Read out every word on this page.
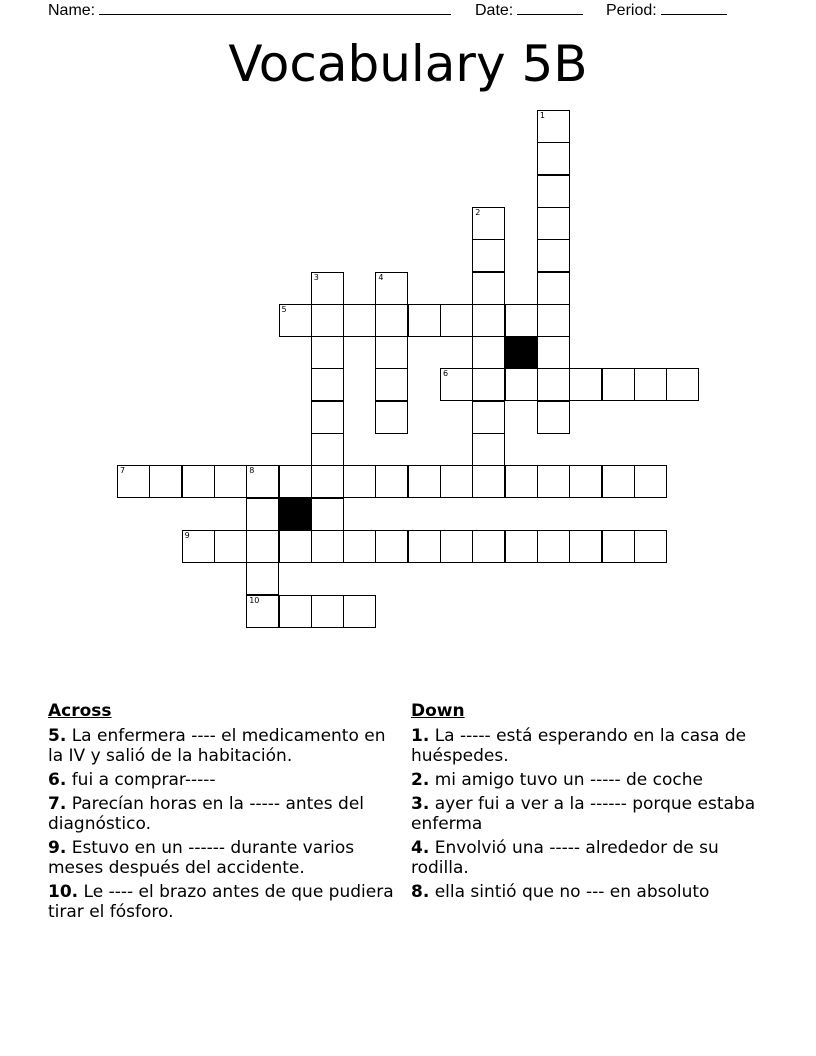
Name:	Date:	Period:
Vocabulary 5B
1
2
3	4
5
6
7	8
10
9
Across
5. La enfermera ---- el medicamento en la IV y salió de la habitación.
6. fui a comprar-----
7. Parecían horas en la ----- antes del diagnóstico.
9. Estuvo en un ------ durante varios meses después del accidente.
10. Le ---- el brazo antes de que pudiera tirar el fósforo.
Down
1. La ----- está esperando en la casa de huéspedes.
2. mi amigo tuvo un ----- de coche
3. ayer fui a ver a la ------ porque estaba enferma
4. Envolvió una ----- alrededor de su rodilla.
8. ella sintió que no --- en absoluto
